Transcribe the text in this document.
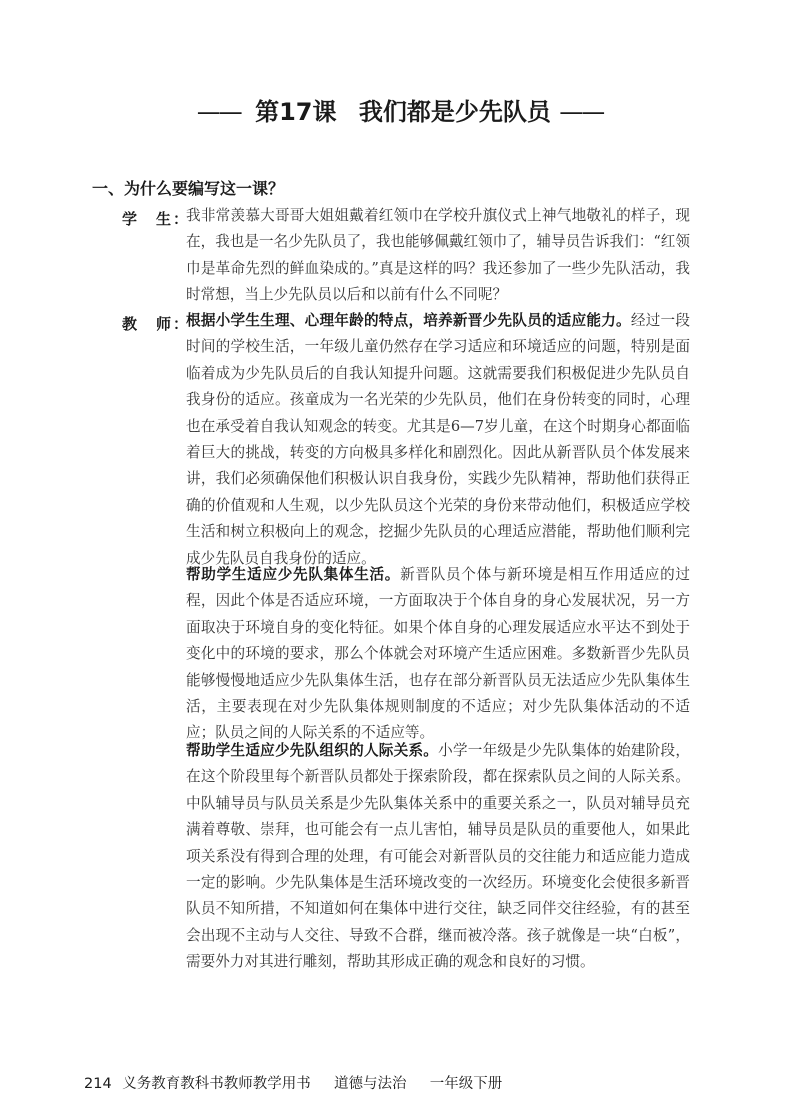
—— 第17课 我们都是少先队员 ——
一、为什么要编写这一课？
学　生：
我非常羡慕大哥哥大姐姐戴着红领巾在学校升旗仪式上神气地敬礼的样子，现在，我也是一名少先队员了，我也能够佩戴红领巾了，辅导员告诉我们：“红领巾是革命先烈的鲜血染成的。”真是这样的吗？我还参加了一些少先队活动，我时常想，当上少先队员以后和以前有什么不同呢？
教　师：
根据小学生生理、心理年龄的特点，培养新晋少先队员的适应能力。经过一段时间的学校生活，一年级儿童仍然存在学习适应和环境适应的问题，特别是面临着成为少先队员后的自我认知提升问题。这就需要我们积极促进少先队员自我身份的适应。孩童成为一名光荣的少先队员，他们在身份转变的同时，心理也在承受着自我认知观念的转变。尤其是6—7岁儿童，在这个时期身心都面临着巨大的挑战，转变的方向极具多样化和剧烈化。因此从新晋队员个体发展来讲，我们必须确保他们积极认识自我身份，实践少先队精神，帮助他们获得正确的价值观和人生观，以少先队员这个光荣的身份来带动他们，积极适应学校生活和树立积极向上的观念，挖掘少先队员的心理适应潜能，帮助他们顺利完成少先队员自我身份的适应。
帮助学生适应少先队集体生活。新晋队员个体与新环境是相互作用适应的过程，因此个体是否适应环境，一方面取决于个体自身的身心发展状况，另一方面取决于环境自身的变化特征。如果个体自身的心理发展适应水平达不到处于变化中的环境的要求，那么个体就会对环境产生适应困难。多数新晋少先队员能够慢慢地适应少先队集体生活，也存在部分新晋队员无法适应少先队集体生活，主要表现在对少先队集体规则制度的不适应；对少先队集体活动的不适应；队员之间的人际关系的不适应等。
帮助学生适应少先队组织的人际关系。小学一年级是少先队集体的始建阶段，在这个阶段里每个新晋队员都处于探索阶段，都在探索队员之间的人际关系。中队辅导员与队员关系是少先队集体关系中的重要关系之一，队员对辅导员充满着尊敬、崇拜，也可能会有一点儿害怕，辅导员是队员的重要他人，如果此项关系没有得到合理的处理，有可能会对新晋队员的交往能力和适应能力造成一定的影响。少先队集体是生活环境改变的一次经历。环境变化会使很多新晋队员不知所措，不知道如何在集体中进行交往，缺乏同伴交往经验，有的甚至会出现不主动与人交往、导致不合群，继而被冷落。孩子就像是一块“白板”，需要外力对其进行雕刻，帮助其形成正确的观念和良好的习惯。
214 义务教育教科书教师教学用书 道德与法治 一年级下册
